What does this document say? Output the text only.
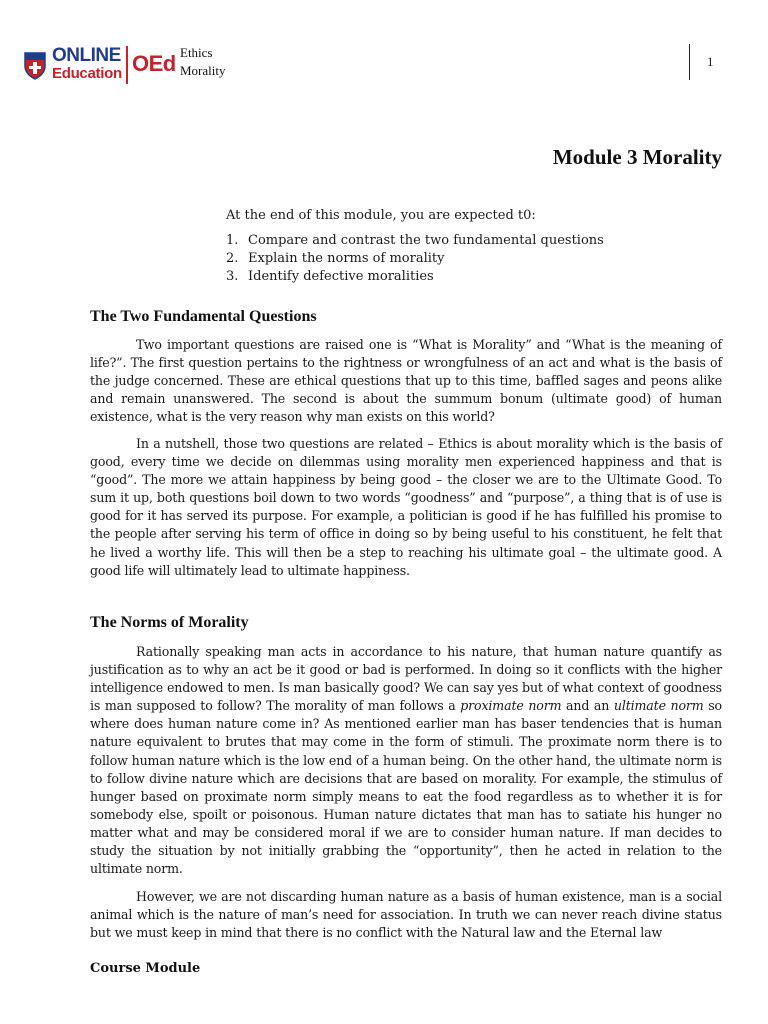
ONLINE
Education OEd Ethics
Morality
1
Module 3 Morality
At the end of this module, you are expected t0:
1. Compare and contrast the two fundamental questions
2. Explain the norms of morality
3. Identify defective moralities
The Two Fundamental Questions

Two important questions are raised one is “What is Morality” and “What is the meaning of life?”. The first question pertains to the rightness or wrongfulness of an act and what is the basis of the judge concerned. These are ethical questions that up to this time, baffled sages and peons alike and remain unanswered. The second is about the summum bonum (ultimate good) of human existence, what is the very reason why man exists on this world?

In a nutshell, those two questions are related – Ethics is about morality which is the basis of good, every time we decide on dilemmas using morality men experienced happiness and that is “good”. The more we attain happiness by being good – the closer we are to the Ultimate Good. To sum it up, both questions boil down to two words “goodness” and “purpose”, a thing that is of use is good for it has served its purpose. For example, a politician is good if he has fulfilled his promise to the people after serving his term of office in doing so by being useful to his constituent, he felt that he lived a worthy life. This will then be a step to reaching his ultimate goal – the ultimate good. A good life will ultimately lead to ultimate happiness.

The Norms of Morality

Rationally speaking man acts in accordance to his nature, that human nature quantify as justification as to why an act be it good or bad is performed. In doing so it conflicts with the higher intelligence endowed to men. Is man basically good? We can say yes but of what context of goodness is man supposed to follow? The morality of man follows a proximate norm and an ultimate norm so where does human nature come in? As mentioned earlier man has baser tendencies that is human nature equivalent to brutes that may come in the form of stimuli. The proximate norm there is to follow human nature which is the low end of a human being. On the other hand, the ultimate norm is to follow divine nature which are decisions that are based on morality. For example, the stimulus of hunger based on proximate norm simply means to eat the food regardless as to whether it is for somebody else, spoilt or poisonous. Human nature dictates that man has to satiate his hunger no matter what and may be considered moral if we are to consider human nature. If man decides to study the situation by not initially grabbing the “opportunity”, then he acted in relation to the ultimate norm.

However, we are not discarding human nature as a basis of human existence, man is a social animal which is the nature of man’s need for association. In truth we can never reach divine status but we must keep in mind that there is no conflict with the Natural law and the Eternal law

Course Module
